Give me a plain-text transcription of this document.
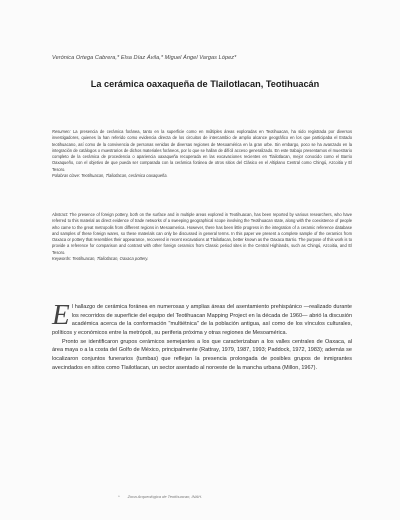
Verónica Ortega Cabrera,* Elsa Díaz Ávila,* Miguel Ángel Vargas López*
La cerámica oaxaqueña de Tlailotlacan, Teotihuacán
Resumen: La presencia de cerámica foránea, tanto en la superficie como en múltiples áreas exploradas en Teotihuacan, ha sido registrada por diversos investigadores, quienes la han referido como evidencia directa de los circuitos de intercambio de amplio alcance geográfico en los que participaba el Estado teotihuacano, así como de la convivencia de personas venidas de diversas regiones de Mesoamérica en la gran urbe. Sin embargo, poco se ha avanzado en la integración de catálogos o muestrarios de dichos materiales foráneos, por lo que se hallan de difícil acceso generalizado. En este trabajo presentamos el muestrario completo de la cerámica de procedencia o apariencia oaxaqueña recuperada en las excavaciones recientes en Tlailotlacan, mejor conocido como el Barrio Oaxaqueño, con el objetivo de que pueda ser comparada con la cerámica foránea de otros sitios del Clásico en el Altiplano Central como Chingú, Azcoitia y El Tesoro.
Palabras clave: Teotihuacan, Tlailotlacan, cerámica oaxaqueña.
Abstract: The presence of foreign pottery, both on the surface and in multiple areas explored in Teotihuacan, has been reported by various researchers, who have referred to this material as direct evidence of trade networks of a sweeping geographical scope involving the Teotihuacan state, along with the coexistence of people who came to the great metropolis from different regions in Mesoamerica. However, there has been little progress in the integration of a ceramic reference database and samples of these foreign wares, so these materials can only be discussed in general terms. In this paper we present a complete sample of the ceramics from Oaxaca or pottery that resembles their appearance, recovered in recent excavations at Tlailotlacan, better known as the Oaxaca Barrio. The purpose of this work is to provide a reference for comparison and contrast with other foreign ceramics from Classic period sites in the Central Highlands, such as Chingú, Azcoitia, and El Tesoro.
Keywords: Teotihuacan, Tlailotlacan, Oaxaca pottery.

El hallazgo de cerámica foránea en numerosas y amplias áreas del asentamiento prehispánico —realizado durante los recorridos de superficie del equipo del Teotihuacan Mapping Project en la década de 1960— abrió la discusión académica acerca de la conformación "multiétnica" de la población antigua, así como de los vínculos culturales, políticos y económicos entre la metrópoli, su periferia próxima y otras regiones de Mesoamérica.

Pronto se identificaron grupos cerámicos semejantes a los que caracterizaban a los valles centrales de Oaxaca, al área maya o a la costa del Golfo de México, principalmente (Rattray, 1979, 1987, 1993; Paddock, 1972, 1983); además se localizaron conjuntos funerarios (tumbas) que reflejan la presencia prolongada de posibles grupos de inmigrantes avecindados en sitios como Tlailotlacan, un sector asentado al noroeste de la mancha urbana (Millon, 1967).

* Zona Arqueológica de Teotihuacan, INAH.
